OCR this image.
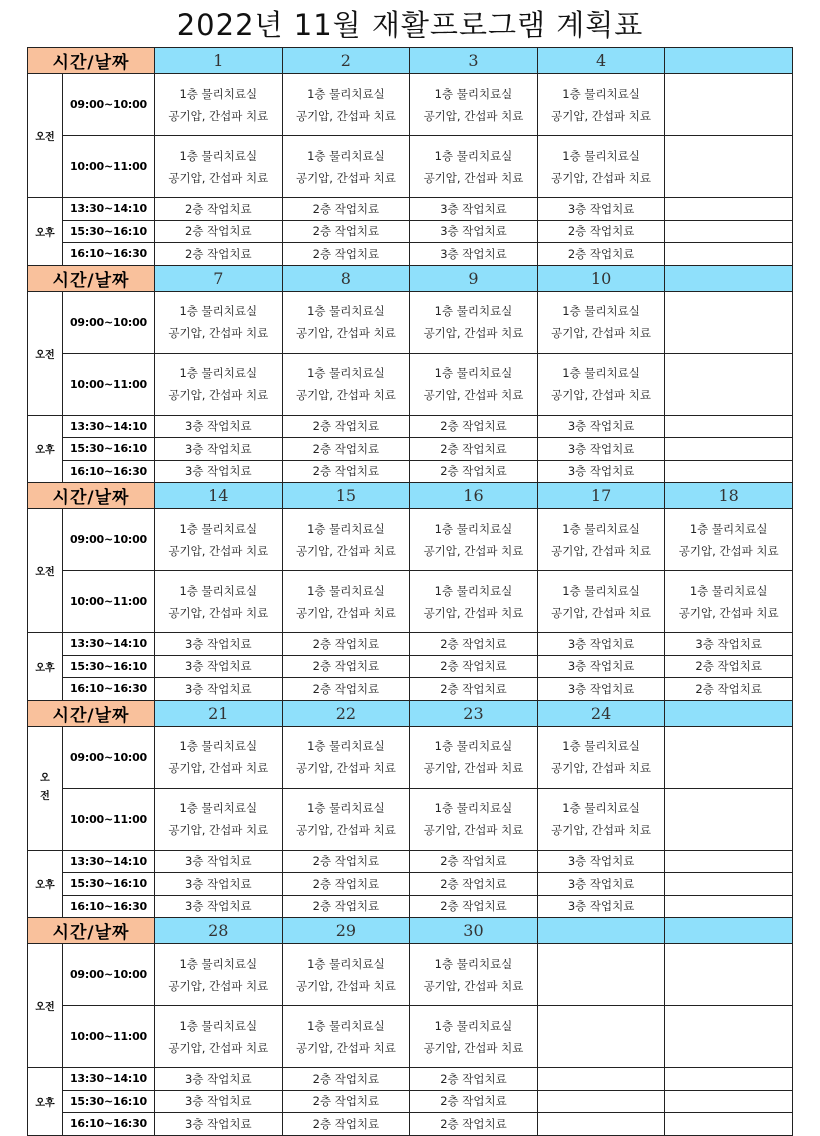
2022년 11월 재활프로그램 계획표
시간/날짜		1	2	3	4	
오전	09:00~10:00	1층 물리치료실
공기압, 간섭파 치료	1층 물리치료실
공기압, 간섭파 치료	1층 물리치료실
공기압, 간섭파 치료	1층 물리치료실
공기압, 간섭파 치료	

	10:00~11:00	1층 물리치료실
공기압, 간섭파 치료	1층 물리치료실
공기압, 간섭파 치료	1층 물리치료실
공기압, 간섭파 치료	1층 물리치료실
공기압, 간섭파 치료	

오후	13:30~14:10	2층 작업치료	2층 작업치료	3층 작업치료	3층 작업치료	
	15:30~16:10	2층 작업치료	2층 작업치료	3층 작업치료	2층 작업치료	
	16:10~16:30	2층 작업치료	2층 작업치료	3층 작업치료	2층 작업치료	
시간/날짜		7	8	9	10	
오전	09:00~10:00	1층 물리치료실
공기압, 간섭파 치료	1층 물리치료실
공기압, 간섭파 치료	1층 물리치료실
공기압, 간섭파 치료	1층 물리치료실
공기압, 간섭파 치료	

	10:00~11:00	1층 물리치료실
공기압, 간섭파 치료	1층 물리치료실
공기압, 간섭파 치료	1층 물리치료실
공기압, 간섭파 치료	1층 물리치료실
공기압, 간섭파 치료	

오후	13:30~14:10	3층 작업치료	2층 작업치료	2층 작업치료	3층 작업치료	
	15:30~16:10	3층 작업치료	2층 작업치료	2층 작업치료	3층 작업치료	
	16:10~16:30	3층 작업치료	2층 작업치료	2층 작업치료	3층 작업치료	
시간/날짜		14	15	16	17	18
오전	09:00~10:00	1층 물리치료실
공기압, 간섭파 치료	1층 물리치료실
공기압, 간섭파 치료	1층 물리치료실
공기압, 간섭파 치료	1층 물리치료실
공기압, 간섭파 치료	1층 물리치료실
공기압, 간섭파 치료

	10:00~11:00	1층 물리치료실
공기압, 간섭파 치료	1층 물리치료실
공기압, 간섭파 치료	1층 물리치료실
공기압, 간섭파 치료	1층 물리치료실
공기압, 간섭파 치료	1층 물리치료실
공기압, 간섭파 치료

오후	13:30~14:10	3층 작업치료	2층 작업치료	2층 작업치료	3층 작업치료	3층 작업치료
	15:30~16:10	3층 작업치료	2층 작업치료	2층 작업치료	3층 작업치료	2층 작업치료
	16:10~16:30	3층 작업치료	2층 작업치료	2층 작업치료	3층 작업치료	2층 작업치료
시간/날짜		21	22	23	24	
오전	09:00~10:00	1층 물리치료실
공기압, 간섭파 치료	1층 물리치료실
공기압, 간섭파 치료	1층 물리치료실
공기압, 간섭파 치료	1층 물리치료실
공기압, 간섭파 치료	

	10:00~11:00	1층 물리치료실
공기압, 간섭파 치료	1층 물리치료실
공기압, 간섭파 치료	1층 물리치료실
공기압, 간섭파 치료	1층 물리치료실
공기압, 간섭파 치료	

오후	13:30~14:10	3층 작업치료	2층 작업치료	2층 작업치료	3층 작업치료	
	15:30~16:10	3층 작업치료	2층 작업치료	2층 작업치료	3층 작업치료	
	16:10~16:30	3층 작업치료	2층 작업치료	2층 작업치료	3층 작업치료	
시간/날짜		28	29	30		
오전	09:00~10:00	1층 물리치료실
공기압, 간섭파 치료	1층 물리치료실
공기압, 간섭파 치료	1층 물리치료실
공기압, 간섭파 치료		

	10:00~11:00	1층 물리치료실
공기압, 간섭파 치료	1층 물리치료실
공기압, 간섭파 치료	1층 물리치료실
공기압, 간섭파 치료		

오후	13:30~14:10	3층 작업치료	2층 작업치료	2층 작업치료		
	15:30~16:10	3층 작업치료	2층 작업치료	2층 작업치료		
	16:10~16:30	3층 작업치료	2층 작업치료	2층 작업치료		
